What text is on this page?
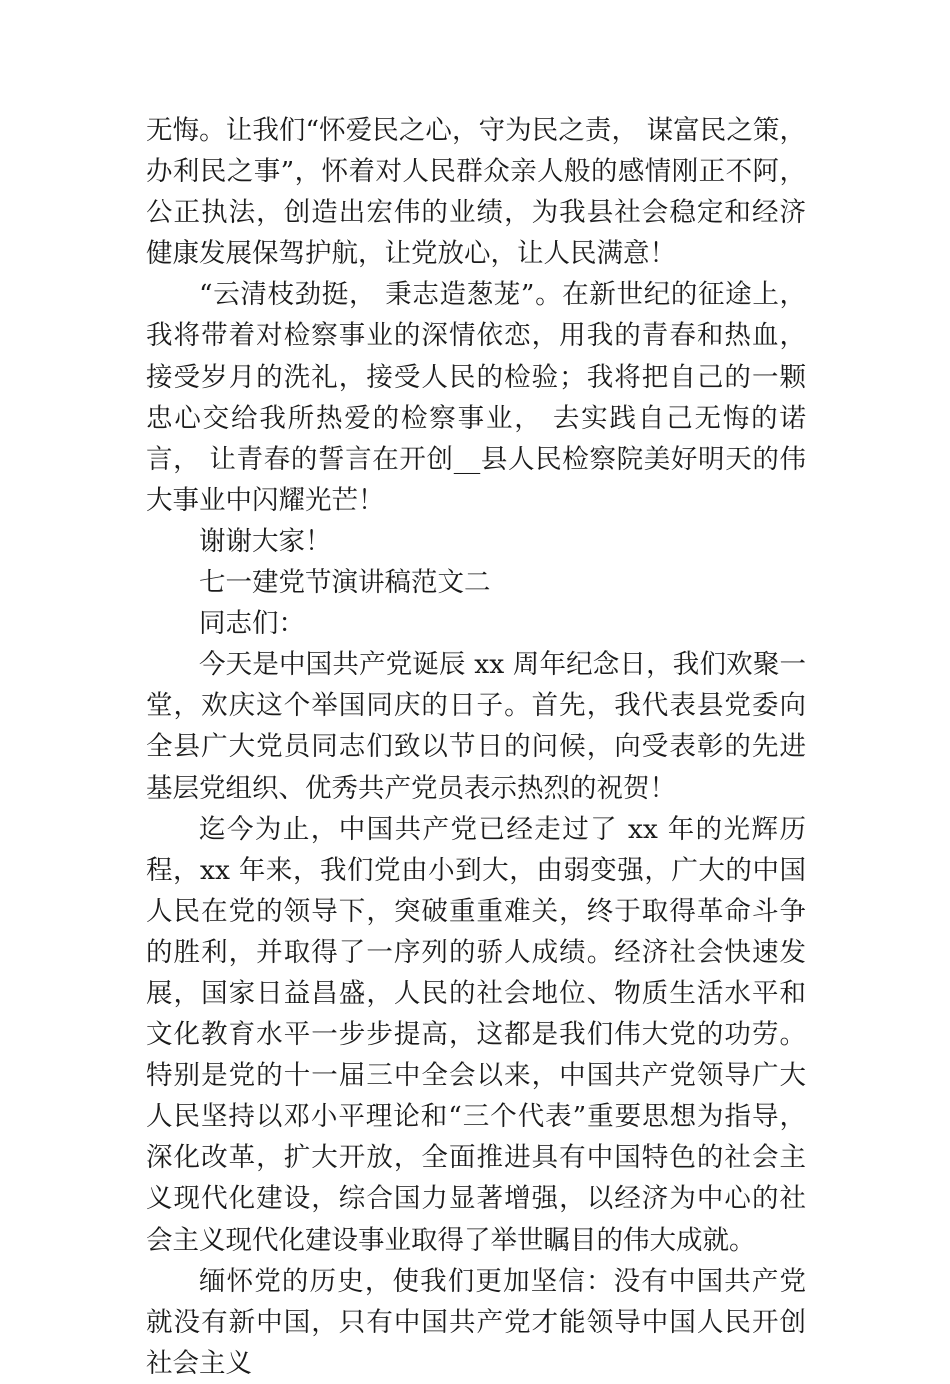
无悔。让我们“怀爱民之心，守为民之责， 谋富民之策， 办利民之事”，怀着对人民群众亲人般的感情刚正不阿，公正执法，创造出宏伟的业绩，为我县社会稳定和经济健康发展保驾护航，让党放心，让人民满意！

“云清枝劲挺， 秉志造葱茏”。在新世纪的征途上， 我将带着对检察事业的深情依恋，用我的青春和热血， 接受岁月的洗礼，接受人民的检验；我将把自己的一颗忠心交给我所热爱的检察事业， 去实践自己无悔的诺言， 让青春的誓言在开创__县人民检察院美好明天的伟大事业中闪耀光芒！

谢谢大家！

七一建党节演讲稿范文二

同志们：

今天是中国共产党诞辰 xx 周年纪念日，我们欢聚一堂，欢庆这个举国同庆的日子。首先，我代表县党委向全县广大党员同志们致以节日的问候，向受表彰的先进基层党组织、优秀共产党员表示热烈的祝贺！

迄今为止，中国共产党已经走过了 xx 年的光辉历程，xx 年来，我们党由小到大，由弱变强，广大的中国人民在党的领导下，突破重重难关，终于取得革命斗争的胜利，并取得了一序列的骄人成绩。经济社会快速发展，国家日益昌盛，人民的社会地位、物质生活水平和文化教育水平一步步提高，这都是我们伟大党的功劳。特别是党的十一届三中全会以来，中国共产党领导广大人民坚持以邓小平理论和“三个代表”重要思想为指导，深化改革，扩大开放，全面推进具有中国特色的社会主义现代化建设，综合国力显著增强，以经济为中心的社会主义现代化建设事业取得了举世瞩目的伟大成就。

缅怀党的历史，使我们更加坚信：没有中国共产党就没有新中国，只有中国共产党才能领导中国人民开创社会主义
